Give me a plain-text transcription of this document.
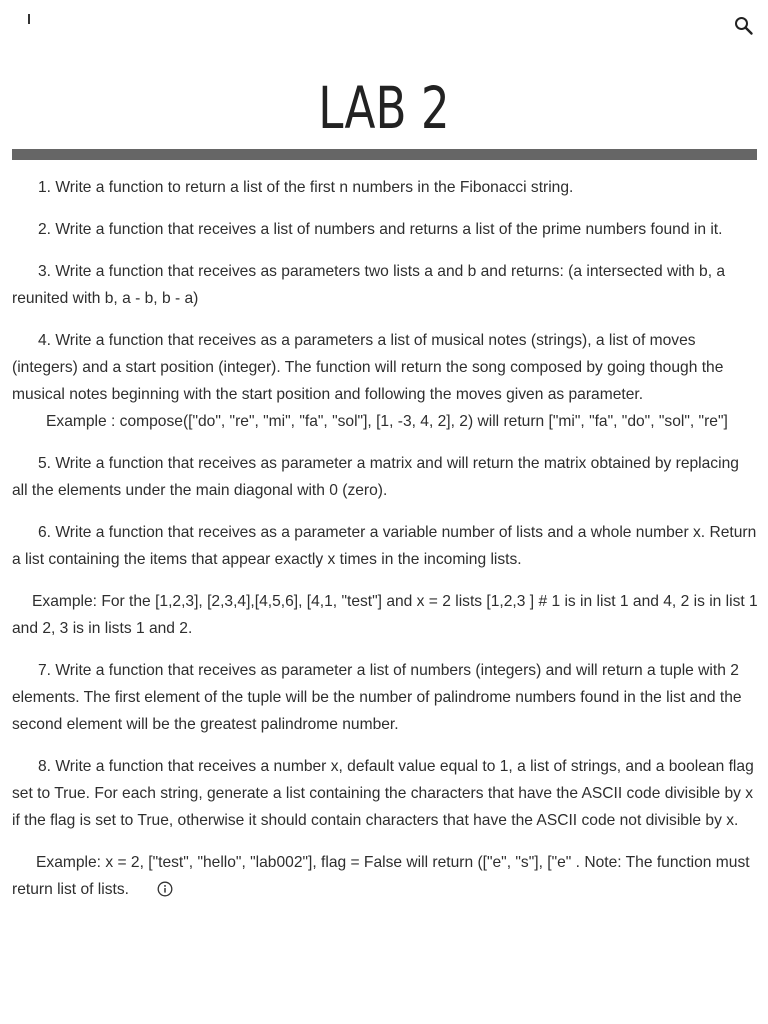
LAB 2

1. Write a function to return a list of the first n numbers in the Fibonacci string.

2. Write a function that receives a list of numbers and returns a list of the prime numbers found in it.

3. Write a function that receives as parameters two lists a and b and returns: (a intersected with b, a reunited with b, a - b, b - a)

4. Write a function that receives as a parameters a list of musical notes (strings), a list of moves (integers) and a start position (integer). The function will return the song composed by going though the musical notes beginning with the start position and following the moves given as parameter.
Example : compose(["do", "re", "mi", "fa", "sol"], [1, -3, 4, 2], 2) will return ["mi", "fa", "do", "sol", "re"]

5. Write a function that receives as parameter a matrix and will return the matrix obtained by replacing all the elements under the main diagonal with 0 (zero).

6. Write a function that receives as a parameter a variable number of lists and a whole number x. Return a list containing the items that appear exactly x times in the incoming lists.

Example: For the [1,2,3], [2,3,4],[4,5,6], [4,1, "test"] and x = 2 lists [1,2,3 ] # 1 is in list 1 and 4, 2 is in list 1 and 2, 3 is in lists 1 and 2.

7. Write a function that receives as parameter a list of numbers (integers) and will return a tuple with 2 elements. The first element of the tuple will be the number of palindrome numbers found in the list and the second element will be the greatest palindrome number.

8. Write a function that receives a number x, default value equal to 1, a list of strings, and a boolean flag set to True. For each string, generate a list containing the characters that have the ASCII code divisible by x if the flag is set to True, otherwise it should contain characters that have the ASCII code not divisible by x.

Example: x = 2, ["test", "hello", "lab002"], flag = False will return (["e", "s"], ["e" . Note: The function must return list of lists.
